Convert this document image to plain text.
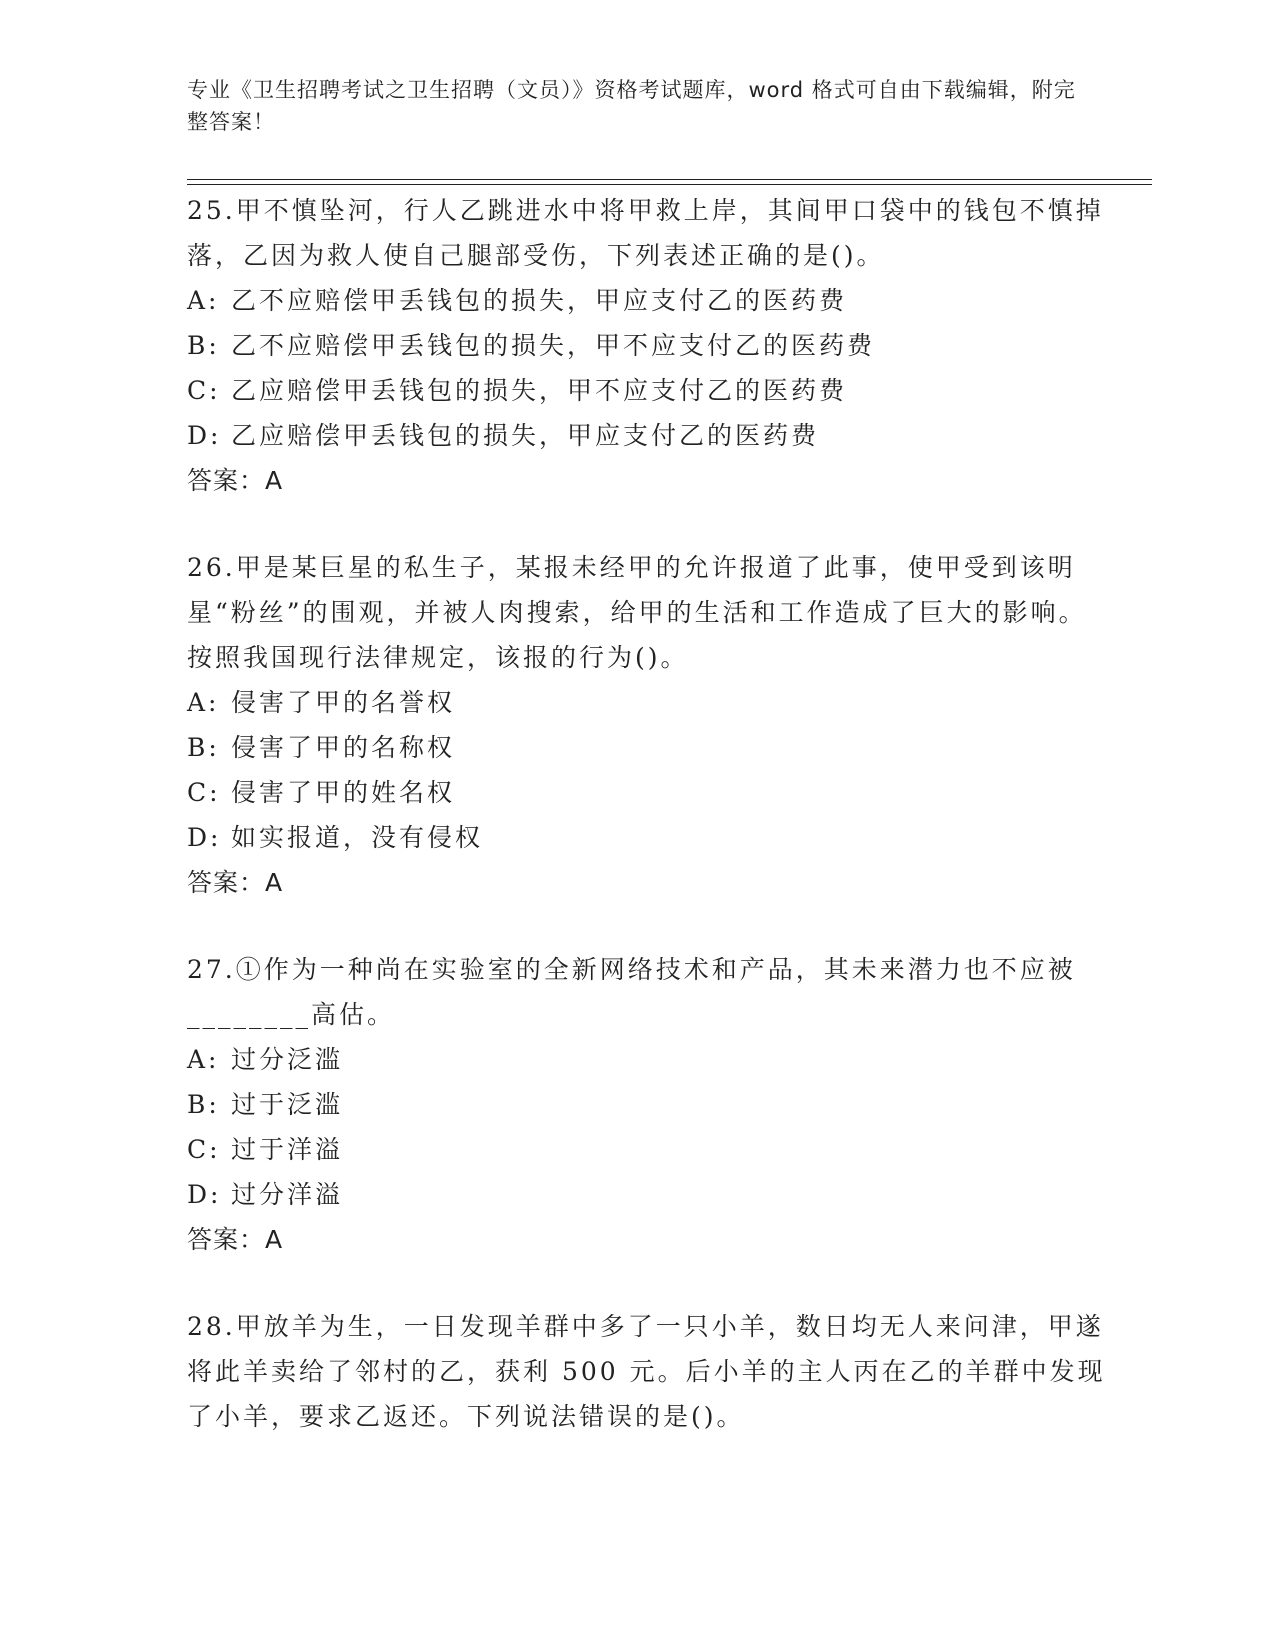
专业《卫生招聘考试之卫生招聘（文员）》资格考试题库，word 格式可自由下载编辑，附完整答案！

25.甲不慎坠河，行人乙跳进水中将甲救上岸，其间甲口袋中的钱包不慎掉落，乙因为救人使自己腿部受伤，下列表述正确的是()。

A: 乙不应赔偿甲丢钱包的损失，甲应支付乙的医药费

B: 乙不应赔偿甲丢钱包的损失，甲不应支付乙的医药费

C: 乙应赔偿甲丢钱包的损失，甲不应支付乙的医药费

D: 乙应赔偿甲丢钱包的损失，甲应支付乙的医药费

答案：A

26.甲是某巨星的私生子，某报未经甲的允许报道了此事，使甲受到该明星“粉丝”的围观，并被人肉搜索，给甲的生活和工作造成了巨大的影响。按照我国现行法律规定，该报的行为()。

A: 侵害了甲的名誉权

B: 侵害了甲的名称权

C: 侵害了甲的姓名权

D: 如实报道，没有侵权

答案：A

27.①作为一种尚在实验室的全新网络技术和产品，其未来潜力也不应被________高估。

A: 过分泛滥

B: 过于泛滥

C: 过于洋溢

D: 过分洋溢

答案：A

28.甲放羊为生，一日发现羊群中多了一只小羊，数日均无人来问津，甲遂将此羊卖给了邻村的乙，获利 500 元。后小羊的主人丙在乙的羊群中发现了小羊，要求乙返还。下列说法错误的是()。
